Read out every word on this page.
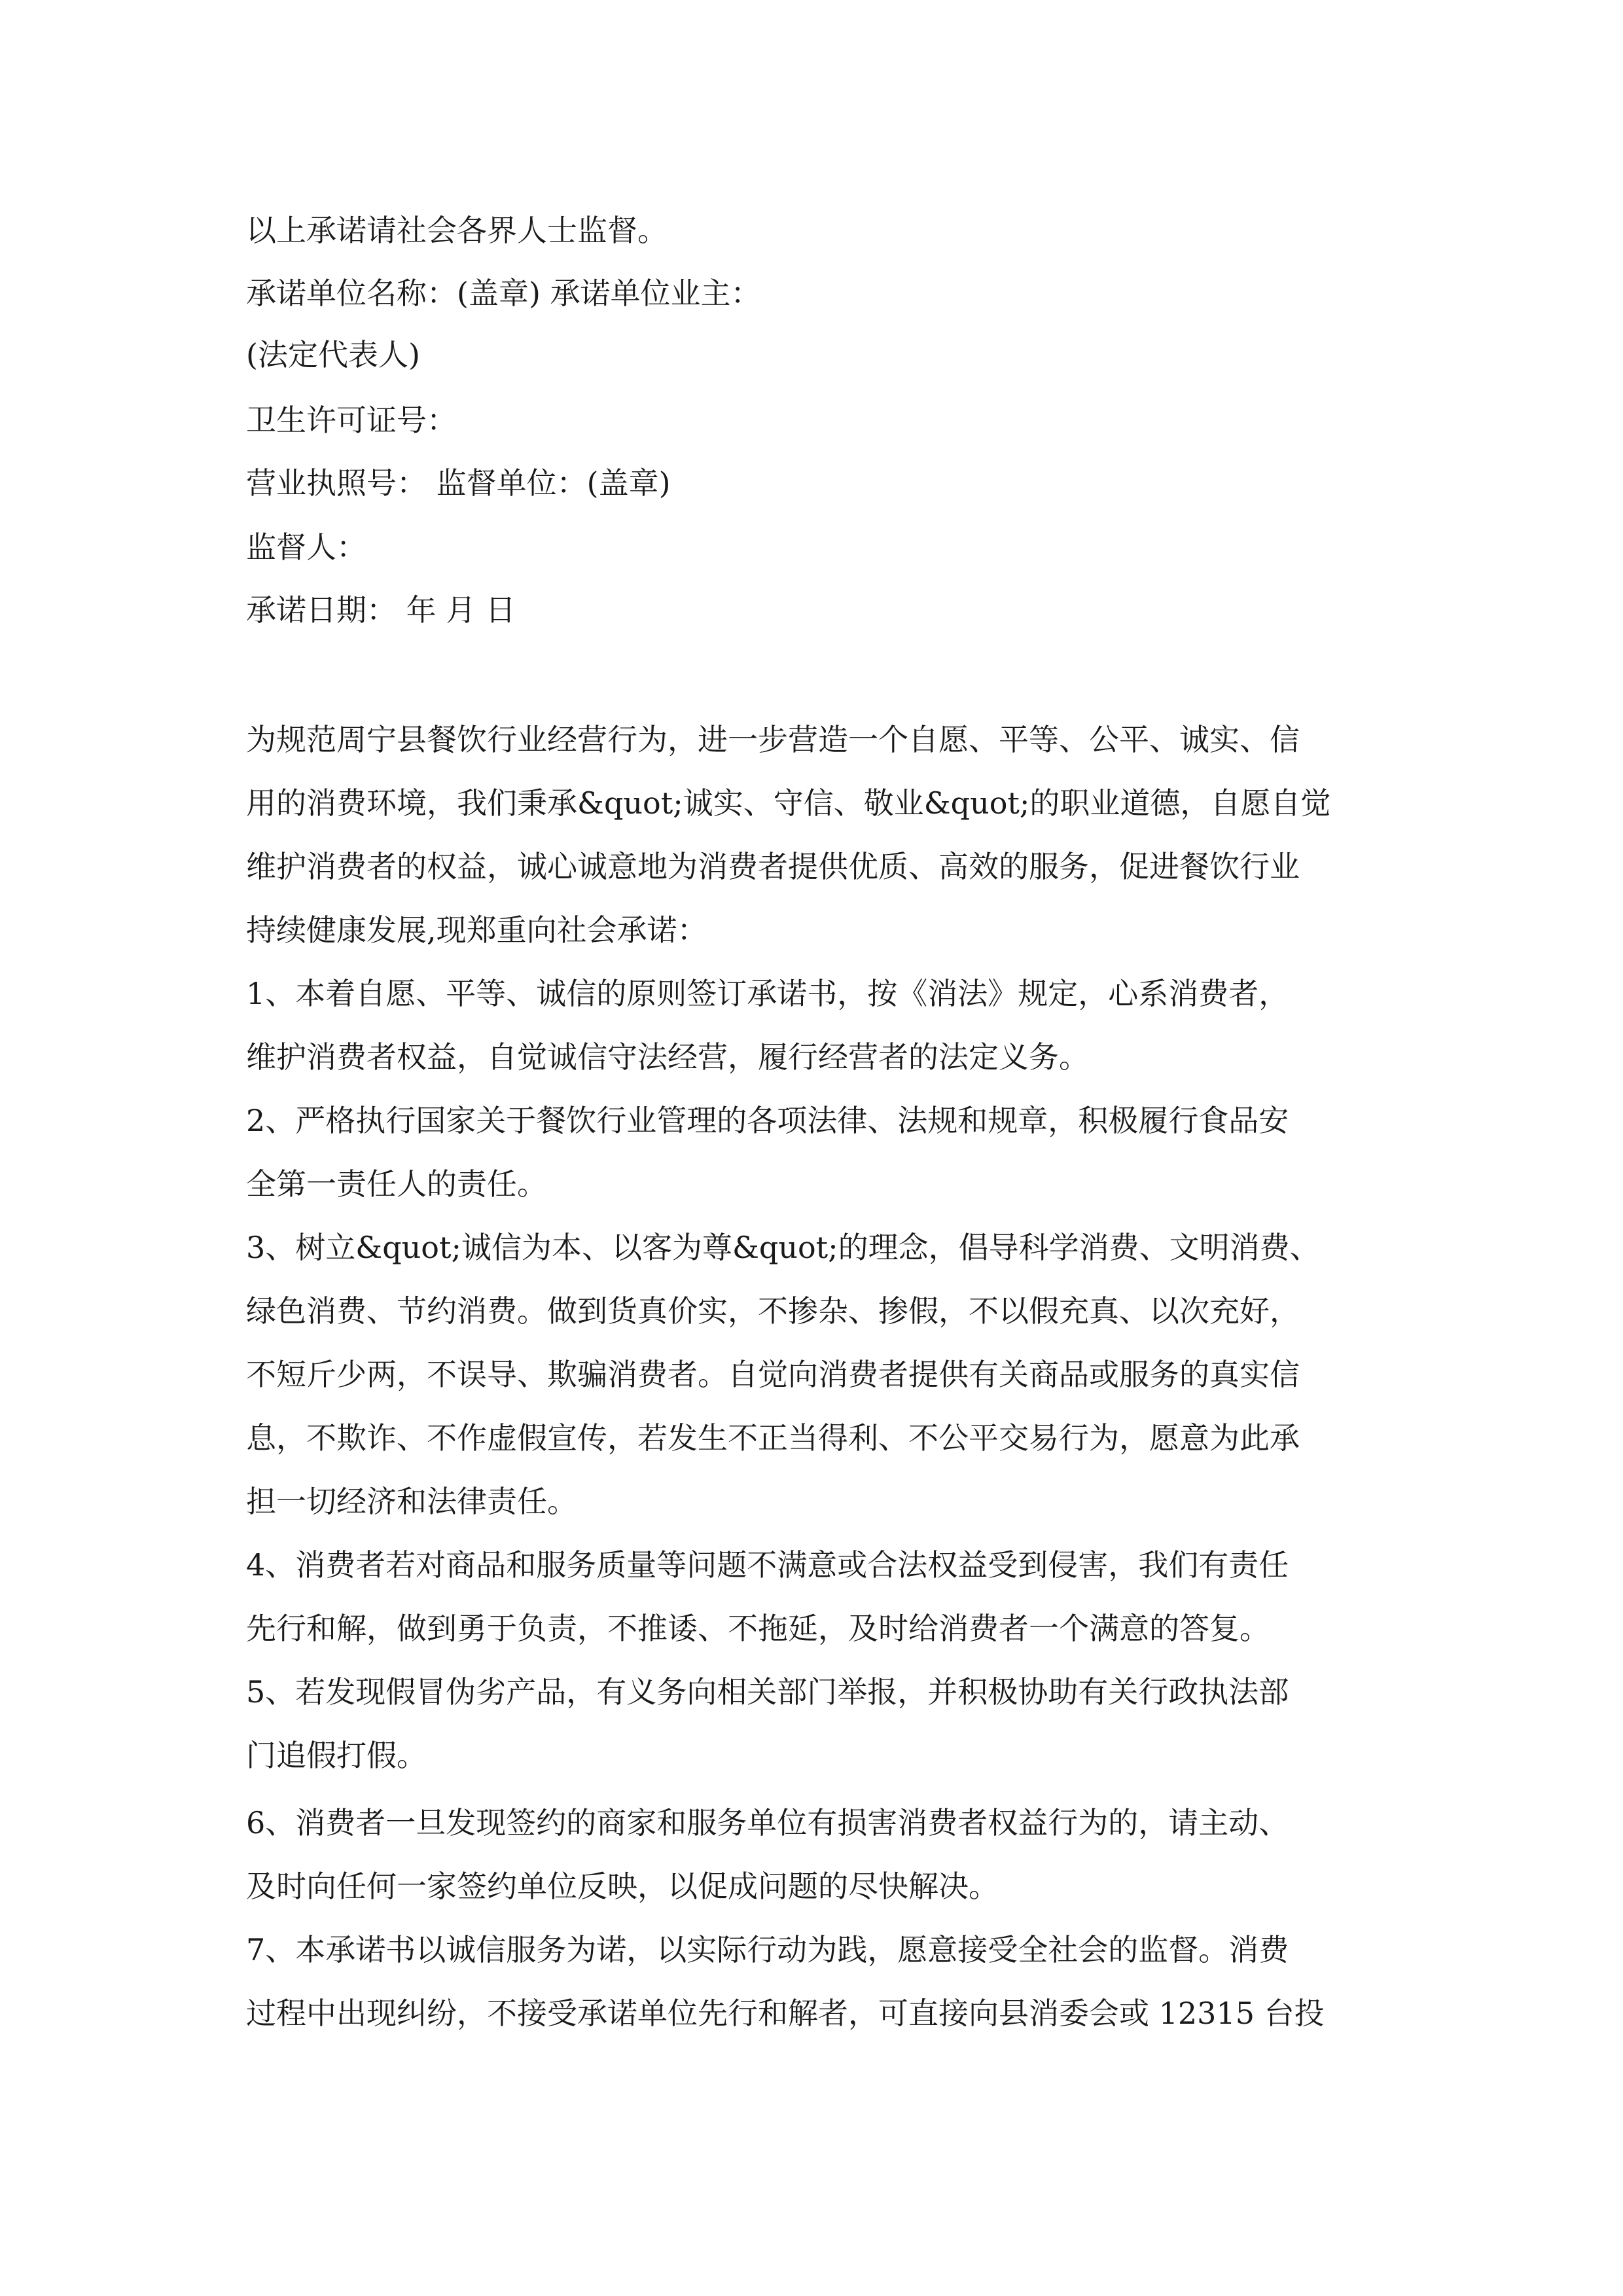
以上承诺请社会各界人士监督。
承诺单位名称：(盖章) 承诺单位业主：
(法定代表人)
卫生许可证号：
营业执照号： 监督单位：(盖章)
监督人：
承诺日期： 年 月 日
为规范周宁县餐饮行业经营行为，进一步营造一个自愿、平等、公平、诚实、信
用的消费环境，我们秉承&quot;诚实、守信、敬业&quot;的职业道德，自愿自觉
维护消费者的权益，诚心诚意地为消费者提供优质、高效的服务，促进餐饮行业
持续健康发展,现郑重向社会承诺：
1、本着自愿、平等、诚信的原则签订承诺书，按《消法》规定，心系消费者，
维护消费者权益，自觉诚信守法经营，履行经营者的法定义务。
2、严格执行国家关于餐饮行业管理的各项法律、法规和规章，积极履行食品安
全第一责任人的责任。
3、树立&quot;诚信为本、以客为尊&quot;的理念，倡导科学消费、文明消费、
绿色消费、节约消费。做到货真价实，不掺杂、掺假，不以假充真、以次充好，
不短斤少两，不误导、欺骗消费者。自觉向消费者提供有关商品或服务的真实信
息，不欺诈、不作虚假宣传，若发生不正当得利、不公平交易行为，愿意为此承
担一切经济和法律责任。
4、消费者若对商品和服务质量等问题不满意或合法权益受到侵害，我们有责任
先行和解，做到勇于负责，不推诿、不拖延，及时给消费者一个满意的答复。
5、若发现假冒伪劣产品，有义务向相关部门举报，并积极协助有关行政执法部
门追假打假。
6、消费者一旦发现签约的商家和服务单位有损害消费者权益行为的，请主动、
及时向任何一家签约单位反映，以促成问题的尽快解决。
7、本承诺书以诚信服务为诺，以实际行动为践，愿意接受全社会的监督。消费
过程中出现纠纷，不接受承诺单位先行和解者，可直接向县消委会或 12315 台投
